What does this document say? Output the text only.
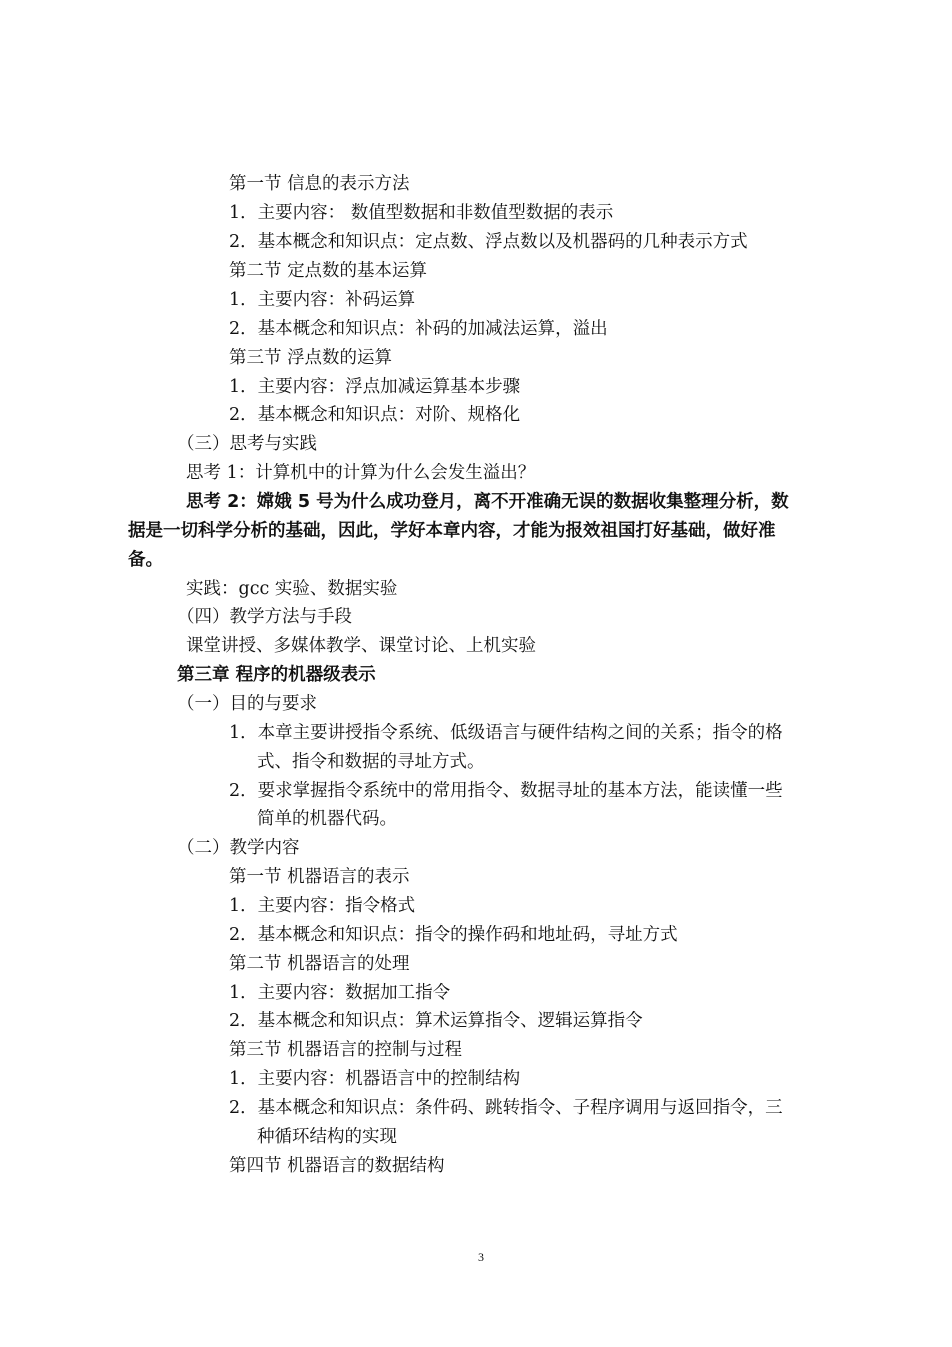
第一节 信息的表示方法
1．主要内容： 数值型数据和非数值型数据的表示
2．基本概念和知识点：定点数、浮点数以及机器码的几种表示方式
第二节 定点数的基本运算
1．主要内容：补码运算
2．基本概念和知识点：补码的加减法运算，溢出
第三节 浮点数的运算
1．主要内容：浮点加减运算基本步骤
2．基本概念和知识点：对阶、规格化
（三）思考与实践
思考 1：计算机中的计算为什么会发生溢出？
思考 2：嫦娥 5 号为什么成功登月，离不开准确无误的数据收集整理分析，数
据是一切科学分析的基础，因此，学好本章内容，才能为报效祖国打好基础，做好准
备。
实践：gcc 实验、数据实验
（四）教学方法与手段
课堂讲授、多媒体教学、课堂讨论、上机实验
第三章 程序的机器级表示
（一）目的与要求
1．本章主要讲授指令系统、低级语言与硬件结构之间的关系；指令的格
式、指令和数据的寻址方式。
2．要求掌握指令系统中的常用指令、数据寻址的基本方法，能读懂一些
简单的机器代码。
（二）教学内容
第一节 机器语言的表示
1．主要内容：指令格式
2．基本概念和知识点：指令的操作码和地址码，寻址方式
第二节 机器语言的处理
1．主要内容：数据加工指令
2．基本概念和知识点：算术运算指令、逻辑运算指令
第三节 机器语言的控制与过程
1．主要内容：机器语言中的控制结构
2．基本概念和知识点：条件码、跳转指令、子程序调用与返回指令，三
种循环结构的实现
第四节 机器语言的数据结构
3
